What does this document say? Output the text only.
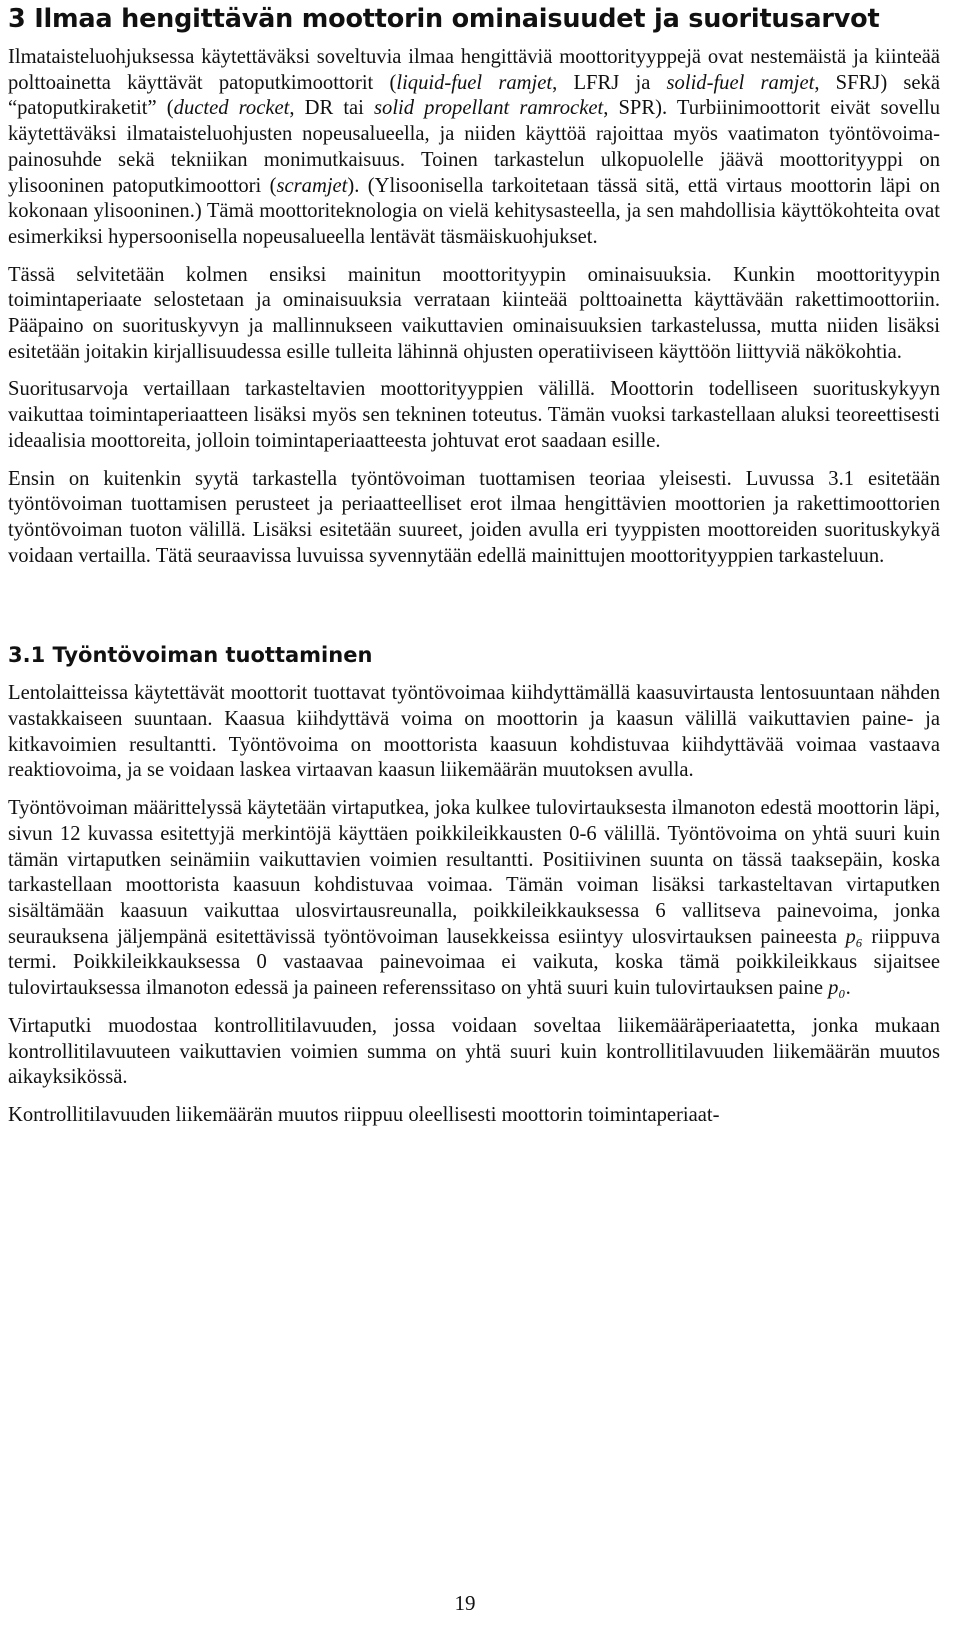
3 Ilmaa hengittävän moottorin ominaisuudet ja suoritusarvot

Ilmataisteluohjuksessa käytettäväksi soveltuvia ilmaa hengittäviä moottorityyppejä ovat nestemäistä ja kiinteää polttoainetta käyttävät patoputkimoottorit (liquid-fuel ramjet, LFRJ ja solid-fuel ramjet, SFRJ) sekä “patoputkiraketit” (ducted rocket, DR tai solid propellant ramrocket, SPR). Turbiinimoottorit eivät sovellu käytettäväksi ilmataisteluohjusten nopeusalueella, ja niiden käyttöä rajoittaa myös vaatimaton työntövoima-painosuhde sekä tekniikan monimutkaisuus. Toinen tarkastelun ulkopuolelle jäävä moottorityyppi on ylisooninen patoputkimoottori (scramjet). (Ylisoonisella tarkoitetaan tässä sitä, että virtaus moottorin läpi on kokonaan ylisooninen.) Tämä moottoriteknologia on vielä kehitysasteella, ja sen mahdollisia käyttökohteita ovat esimerkiksi hypersoonisella nopeusalueella lentävät täsmäiskuohjukset.

Tässä selvitetään kolmen ensiksi mainitun moottorityypin ominaisuuksia. Kunkin moottorityypin toimintaperiaate selostetaan ja ominaisuuksia verrataan kiinteää polttoainetta käyttävään rakettimoottoriin. Pääpaino on suorituskyvyn ja mallinnukseen vaikuttavien ominaisuuksien tarkastelussa, mutta niiden lisäksi esitetään joitakin kirjallisuudessa esille tulleita lähinnä ohjusten operatiiviseen käyttöön liittyviä näkökohtia.

Suoritusarvoja vertaillaan tarkasteltavien moottorityyppien välillä. Moottorin todelliseen suorituskykyyn vaikuttaa toimintaperiaatteen lisäksi myös sen tekninen toteutus. Tämän vuoksi tarkastellaan aluksi teoreettisesti ideaalisia moottoreita, jolloin toimintaperiaatteesta johtuvat erot saadaan esille.

Ensin on kuitenkin syytä tarkastella työntövoiman tuottamisen teoriaa yleisesti. Luvussa 3.1 esitetään työntövoiman tuottamisen perusteet ja periaatteelliset erot ilmaa hengittävien moottorien ja rakettimoottorien työntövoiman tuoton välillä. Lisäksi esitetään suureet, joiden avulla eri tyyppisten moottoreiden suorituskykyä voidaan vertailla. Tätä seuraavissa luvuissa syvennytään edellä mainittujen moottorityyppien tarkasteluun.

3.1 Työntövoiman tuottaminen

Lentolaitteissa käytettävät moottorit tuottavat työntövoimaa kiihdyttämällä kaasuvirtausta lentosuuntaan nähden vastakkaiseen suuntaan. Kaasua kiihdyttävä voima on moottorin ja kaasun välillä vaikuttavien paine- ja kitkavoimien resultantti. Työntövoima on moottorista kaasuun kohdistuvaa kiihdyttävää voimaa vastaava reaktiovoima, ja se voidaan laskea virtaavan kaasun liikemäärän muutoksen avulla.

Työntövoiman määrittelyssä käytetään virtaputkea, joka kulkee tulovirtauksesta ilmanoton edestä moottorin läpi, sivun 12 kuvassa esitettyjä merkintöjä käyttäen poikkileikkausten 0-6 välillä. Työntövoima on yhtä suuri kuin tämän virtaputken seinämiin vaikuttavien voimien resultantti. Positiivinen suunta on tässä taaksepäin, koska tarkastellaan moottorista kaasuun kohdistuvaa voimaa. Tämän voiman lisäksi tarkasteltavan virtaputken sisältämään kaasuun vaikuttaa ulosvirtausreunalla, poikkileikkauksessa 6 vallitseva painevoima, jonka seurauksena jäljempänä esitettävissä työntövoiman lausekkeissa esiintyy ulosvirtauksen paineesta p₆ riippuva termi. Poikkileikkauksessa 0 vastaavaa painevoimaa ei vaikuta, koska tämä poikkileikkaus sijaitsee tulovirtauksessa ilmanoton edessä ja paineen referenssitaso on yhtä suuri kuin tulovirtauksen paine p₀.

Virtaputki muodostaa kontrollitilavuuden, jossa voidaan soveltaa liikemääräperiaatetta, jonka mukaan kontrollitilavuuteen vaikuttavien voimien summa on yhtä suuri kuin kontrollitilavuuden liikemäärän muutos aikayksikössä.

Kontrollitilavuuden liikemäärän muutos riippuu oleellisesti moottorin toimintaperiaat-

19
